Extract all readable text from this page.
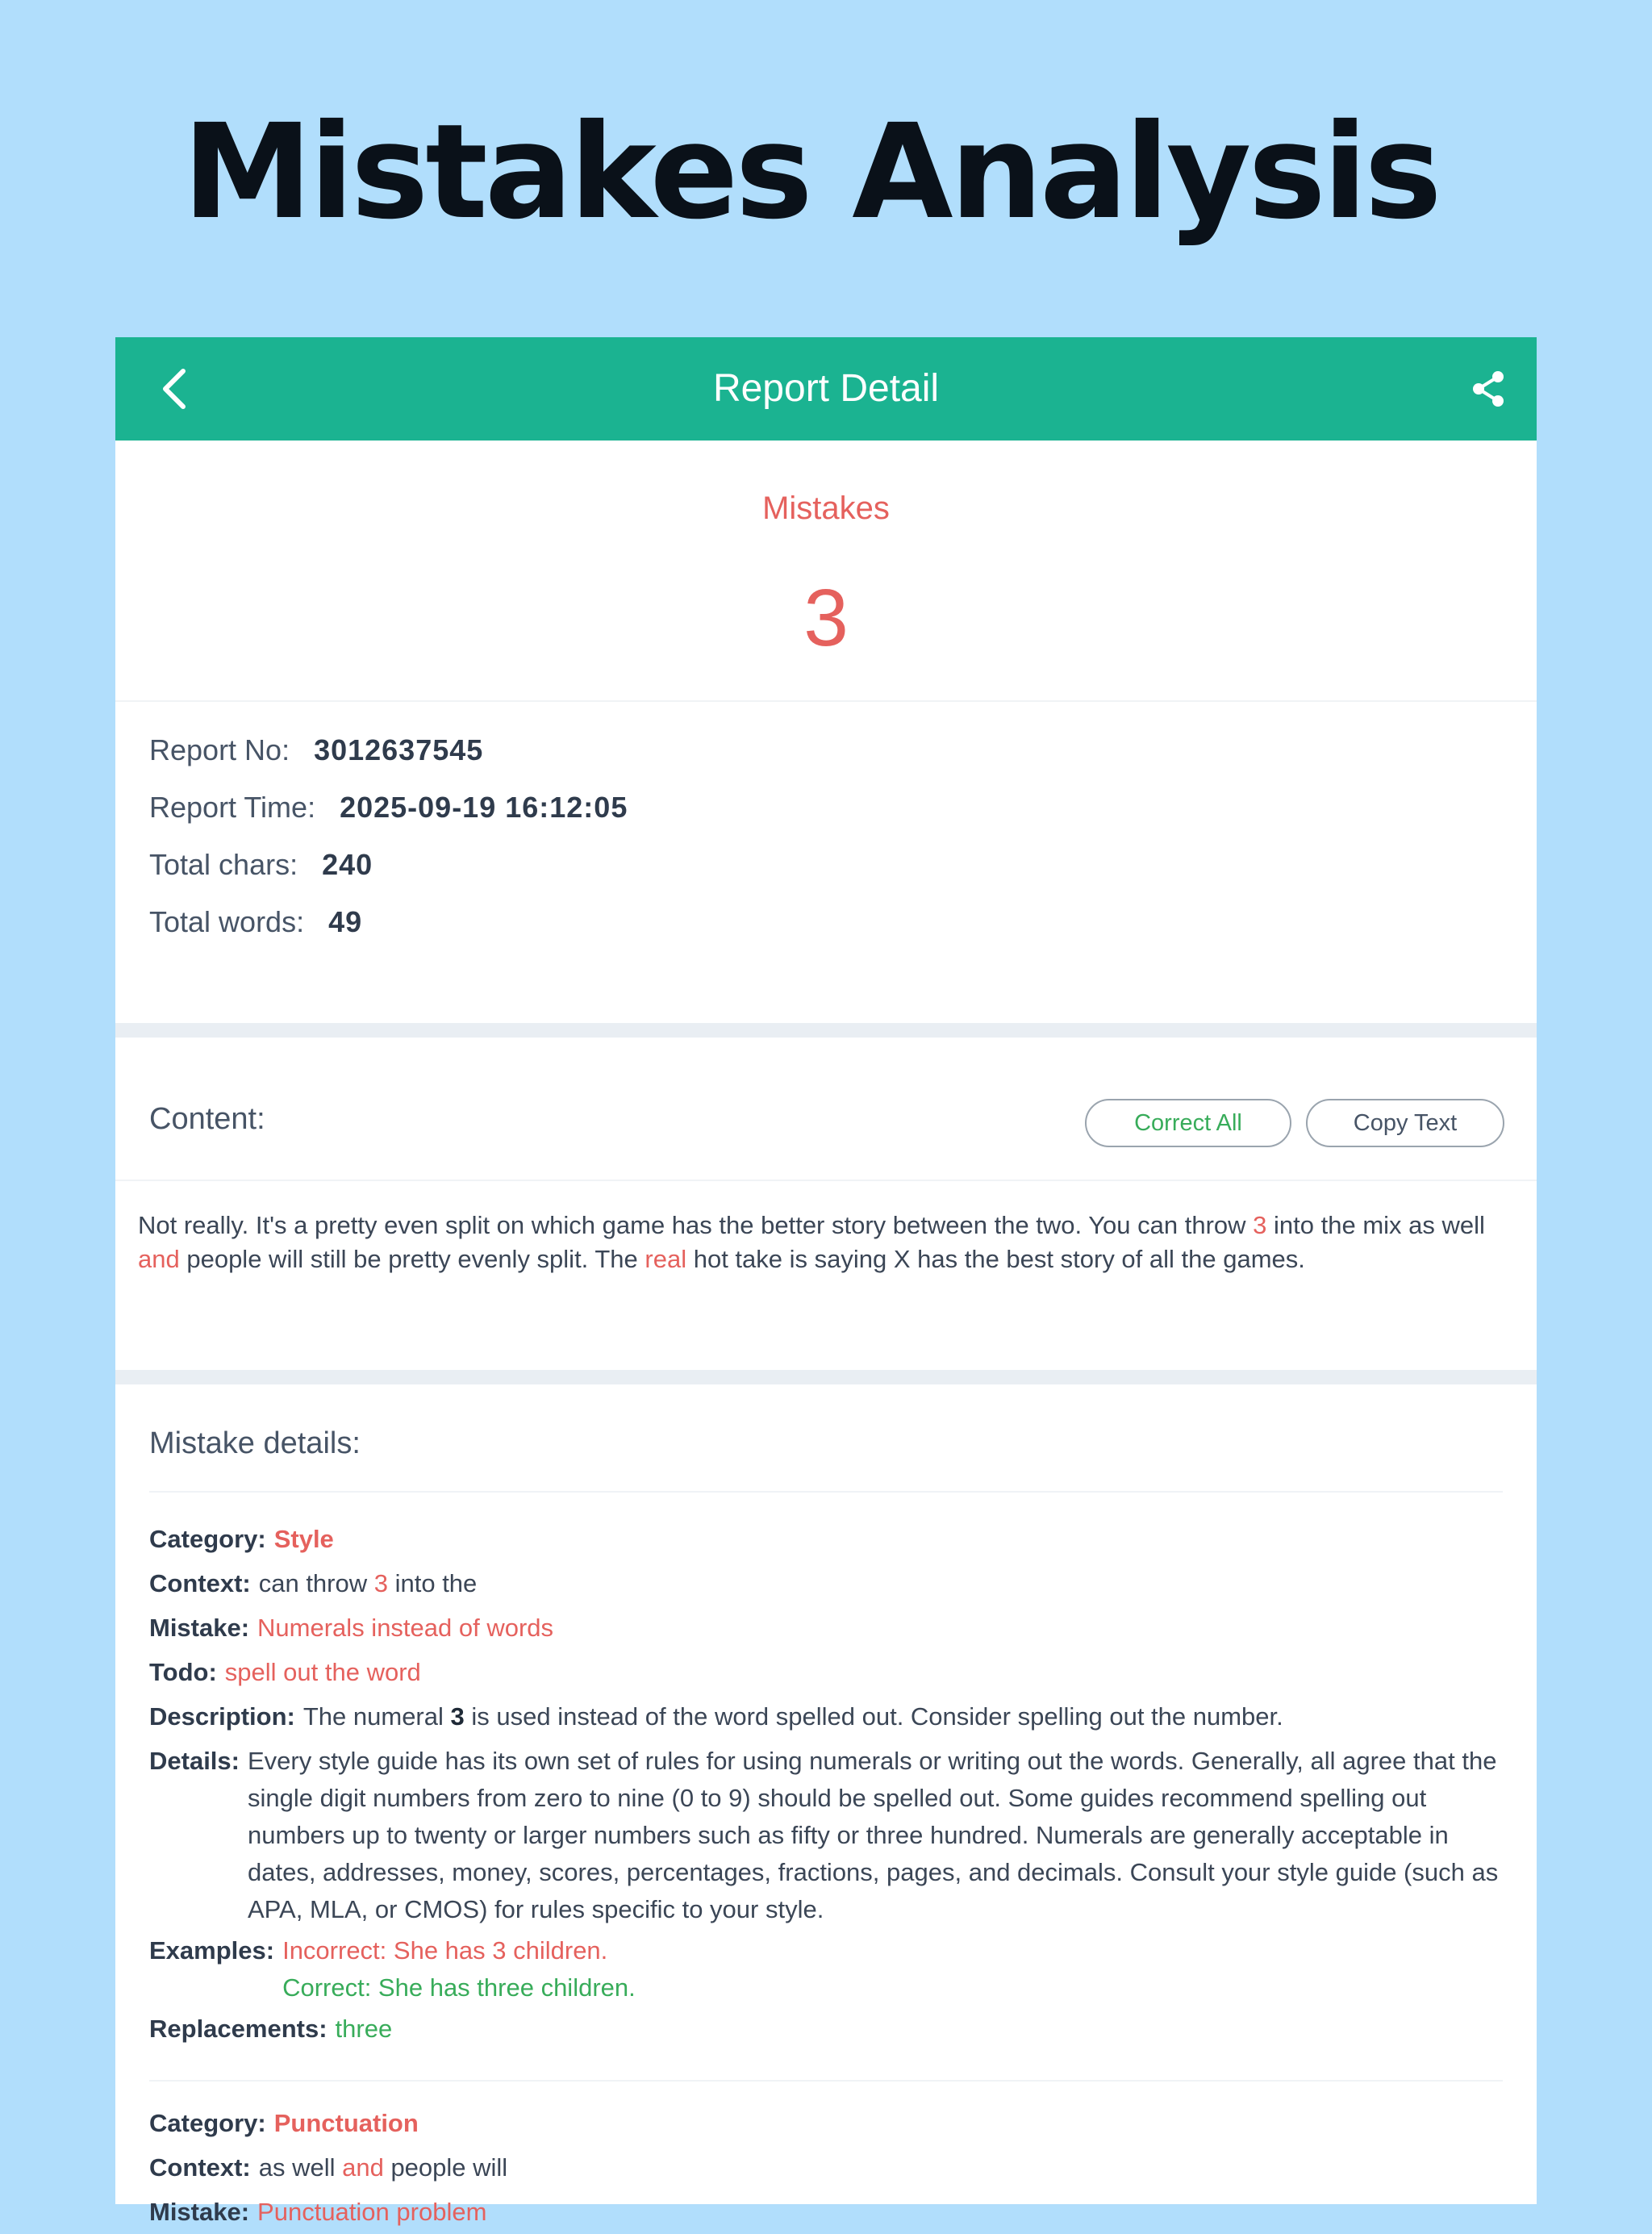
Mistakes Analysis
Report Detail
Mistakes
3
Report No: 3012637545
Report Time: 2025-09-19 16:12:05
Total chars: 240
Total words: 49
Content:	Correct All	Copy Text
Not really. It's a pretty even split on which game has the better story between the two. You can throw 3 into the mix as well and people will still be pretty evenly split. The real hot take is saying X has the best story of all the games.
Mistake details:
Category: Style
Context: can throw 3 into the
Mistake: Numerals instead of words
Todo: spell out the word
Description: The numeral 3 is used instead of the word spelled out. Consider spelling out the number.
Details: Every style guide has its own set of rules for using numerals or writing out the words. Generally, all agree that the single digit numbers from zero to nine (0 to 9) should be spelled out. Some guides recommend spelling out numbers up to twenty or larger numbers such as fifty or three hundred. Numerals are generally acceptable in dates, addresses, money, scores, percentages, fractions, pages, and decimals. Consult your style guide (such as APA, MLA, or CMOS) for rules specific to your style.
Examples: Incorrect: She has 3 children.
Correct: She has three children.
Replacements: three
Category: Punctuation
Context: as well and people will
Mistake: Punctuation problem
